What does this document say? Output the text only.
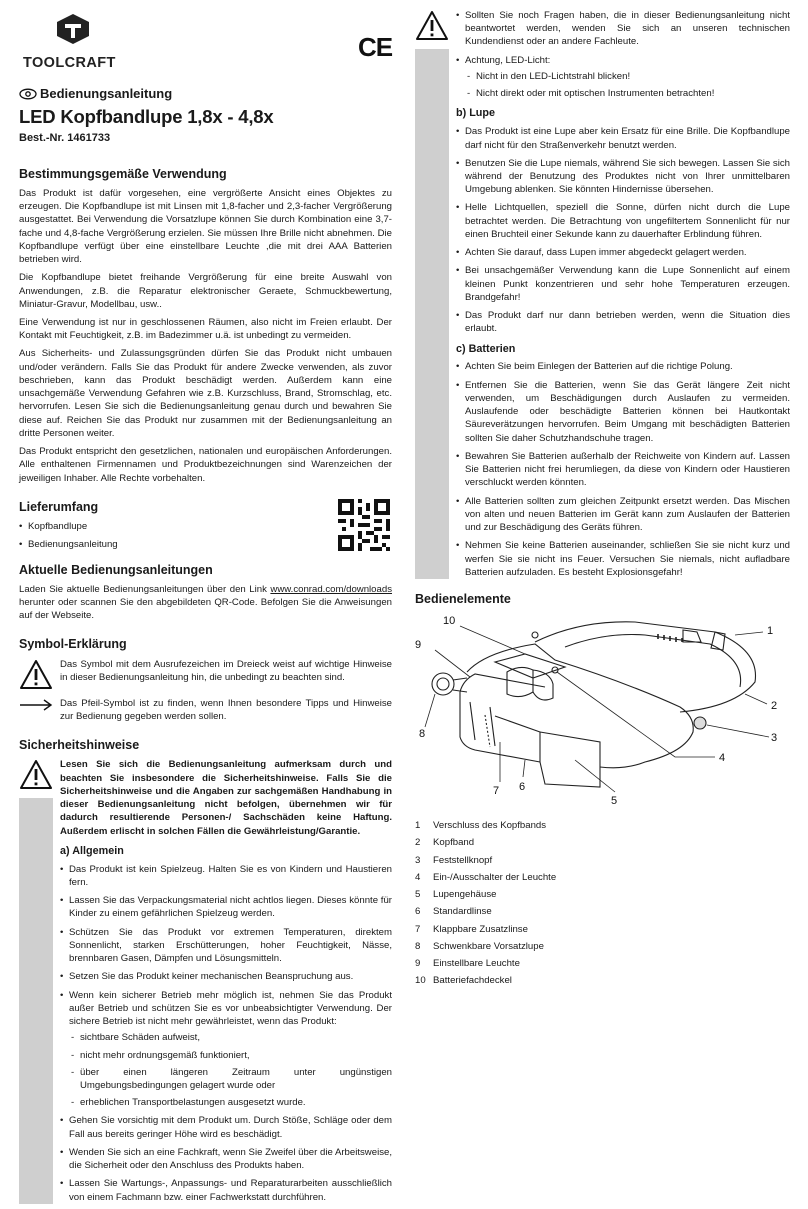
TOOLCRAFT
Bedienungsanleitung
LED Kopfbandlupe 1,8x - 4,8x
Best.-Nr. 1461733
Bestimmungsgemäße Verwendung

Das Produkt ist dafür vorgesehen, eine vergrößerte Ansicht eines Objektes zu erzeugen. Die Kopfbandlupe ist mit Linsen mit 1,8-facher und 2,3-facher Vergrößerung ausgestattet. Bei Verwendung die Vorsatzlupe können Sie durch Kombination eine 3,7-fache und 4,8-fache Vergrößerung erzielen. Sie müssen Ihre Brille nicht abnehmen. Die Kopfbandlupe verfügt über eine einstellbare Leuchte ,die mit drei AAA Batterien betrieben wird.

Die Kopfbandlupe bietet freihande Vergrößerung für eine breite Auswahl von Anwendungen, z.B. die Reparatur elektronischer Geraete, Schmuckbewertung, Miniatur-Gravur, Modellbau, usw..

Eine Verwendung ist nur in geschlossenen Räumen, also nicht im Freien erlaubt. Der Kontakt mit Feuchtigkeit, z.B. im Badezimmer u.ä. ist unbedingt zu vermeiden.

Aus Sicherheits- und Zulassungsgründen dürfen Sie das Produkt nicht umbauen und/oder verändern. Falls Sie das Produkt für andere Zwecke verwenden, als zuvor beschrieben, kann das Produkt beschädigt werden. Außerdem kann eine unsachgemäße Verwendung Gefahren wie z.B. Kurzschluss, Brand, Stromschlag, etc. hervorrufen. Lesen Sie sich die Bedienungsanleitung genau durch und bewahren Sie diese auf. Reichen Sie das Produkt nur zusammen mit der Bedienungsanleitung an dritte Personen weiter.

Das Produkt entspricht den gesetzlichen, nationalen und europäischen Anforderungen. Alle enthaltenen Firmennamen und Produktbezeichnungen sind Warenzeichen der jeweiligen Inhaber. Alle Rechte vorbehalten.

Lieferumfang
• Kopfbandlupe
• Bedienungsanleitung
Aktuelle Bedienungsanleitungen

Laden Sie aktuelle Bedienungsanleitungen über den Link www.conrad.com/downloads herunter oder scannen Sie den abgebildeten QR-Code. Befolgen Sie die Anweisungen auf der Webseite.

Symbol-Erklärung

Das Symbol mit dem Ausrufezeichen im Dreieck weist auf wichtige Hinweise in dieser Bedienungsanleitung hin, die unbedingt zu beachten sind.

Das Pfeil-Symbol ist zu finden, wenn Ihnen besondere Tipps und Hinweise zur Bedienung gegeben werden sollen.

Sicherheitshinweise

Lesen Sie sich die Bedienungsanleitung aufmerksam durch und beachten Sie insbesondere die Sicherheitshinweise. Falls Sie die Sicherheitshinweise und die Angaben zur sachgemäßen Handhabung in dieser Bedienungsanleitung nicht befolgen, übernehmen wir für dadurch resultierende Personen-/ Sachschäden keine Haftung. Außerdem erlischt in solchen Fällen die Gewährleistung/Garantie.

a) Allgemein
• Das Produkt ist kein Spielzeug. Halten Sie es von Kindern und Haustieren fern.
• Lassen Sie das Verpackungsmaterial nicht achtlos liegen. Dieses könnte für Kinder zu einem gefährlichen Spielzeug werden.
• Schützen Sie das Produkt vor extremen Temperaturen, direktem Sonnenlicht, starken Erschütterungen, hoher Feuchtigkeit, Nässe, brennbaren Gasen, Dämpfen und Lösungsmitteln.
• Setzen Sie das Produkt keiner mechanischen Beanspruchung aus.
• Wenn kein sicherer Betrieb mehr möglich ist, nehmen Sie das Produkt außer Betrieb und schützen Sie es vor unbeabsichtigter Verwendung. Der sichere Betrieb ist nicht mehr gewährleistet, wenn das Produkt:
- sichtbare Schäden aufweist,
- nicht mehr ordnungsgemäß funktioniert,
- über einen längeren Zeitraum unter ungünstigen Umgebungsbedingungen gelagert wurde oder
- erheblichen Transportbelastungen ausgesetzt wurde.
• Gehen Sie vorsichtig mit dem Produkt um. Durch Stöße, Schläge oder dem Fall aus bereits geringer Höhe wird es beschädigt.
• Wenden Sie sich an eine Fachkraft, wenn Sie Zweifel über die Arbeitsweise, die Sicherheit oder den Anschluss des Produkts haben.
• Lassen Sie Wartungs-, Anpassungs- und Reparaturarbeiten ausschließlich von einem Fachmann bzw. einer Fachwerkstatt durchführen.
• Sollten Sie noch Fragen haben, die in dieser Bedienungsanleitung nicht beantwortet werden, wenden Sie sich an unseren technischen Kundendienst oder an andere Fachleute.
• Achtung, LED-Licht:
- Nicht in den LED-Lichtstrahl blicken!
- Nicht direkt oder mit optischen Instrumenten betrachten!
b) Lupe
• Das Produkt ist eine Lupe aber kein Ersatz für eine Brille. Die Kopfbandlupe darf nicht für den Straßenverkehr benutzt werden.
• Benutzen Sie die Lupe niemals, während Sie sich bewegen. Lassen Sie sich während der Benutzung des Produktes nicht von Ihrer unmittelbaren Umgebung ablenken. Sie könnten Hindernisse übersehen.
• Helle Lichtquellen, speziell die Sonne, dürfen nicht durch die Lupe betrachtet werden. Die Betrachtung von ungefiltertem Sonnenlicht für nur einen Bruchteil einer Sekunde kann zu dauerhafter Erblindung führen.
• Achten Sie darauf, dass Lupen immer abgedeckt gelagert werden.
• Bei unsachgemäßer Verwendung kann die Lupe Sonnenlicht auf einem kleinen Punkt konzentrieren und sehr hohe Temperaturen erzeugen. Brandgefahr!
• Das Produkt darf nur dann betrieben werden, wenn die Situation dies erlaubt.
c) Batterien
• Achten Sie beim Einlegen der Batterien auf die richtige Polung.
• Entfernen Sie die Batterien, wenn Sie das Gerät längere Zeit nicht verwenden, um Beschädigungen durch Auslaufen zu vermeiden. Auslaufende oder beschädigte Batterien können bei Hautkontakt Säureverätzungen hervorrufen. Beim Umgang mit beschädigten Batterien sollten Sie daher Schutzhandschuhe tragen.
• Bewahren Sie Batterien außerhalb der Reichweite von Kindern auf. Lassen Sie Batterien nicht frei herumliegen, da diese von Kindern oder Haustieren verschluckt werden könnten.
• Alle Batterien sollten zum gleichen Zeitpunkt ersetzt werden. Das Mischen von alten und neuen Batterien im Gerät kann zum Auslaufen der Batterien und zur Beschädigung des Geräts führen.
• Nehmen Sie keine Batterien auseinander, schließen Sie sie nicht kurz und werfen Sie sie nicht ins Feuer. Versuchen Sie niemals, nicht aufladbare Batterien aufzuladen. Es besteht Explosionsgefahr!
Bedienelemente
1
2
3
4
5
6
7
8
9
10
1	Verschluss des Kopfbands
2	Kopfband
3	Feststellknopf
4	Ein-/Ausschalter der Leuchte
5	Lupengehäuse
6	Standardlinse
7	Klappbare Zusatzlinse
8	Schwenkbare Vorsatzlupe
9	Einstellbare Leuchte
10 Batteriefachdeckel
CE
